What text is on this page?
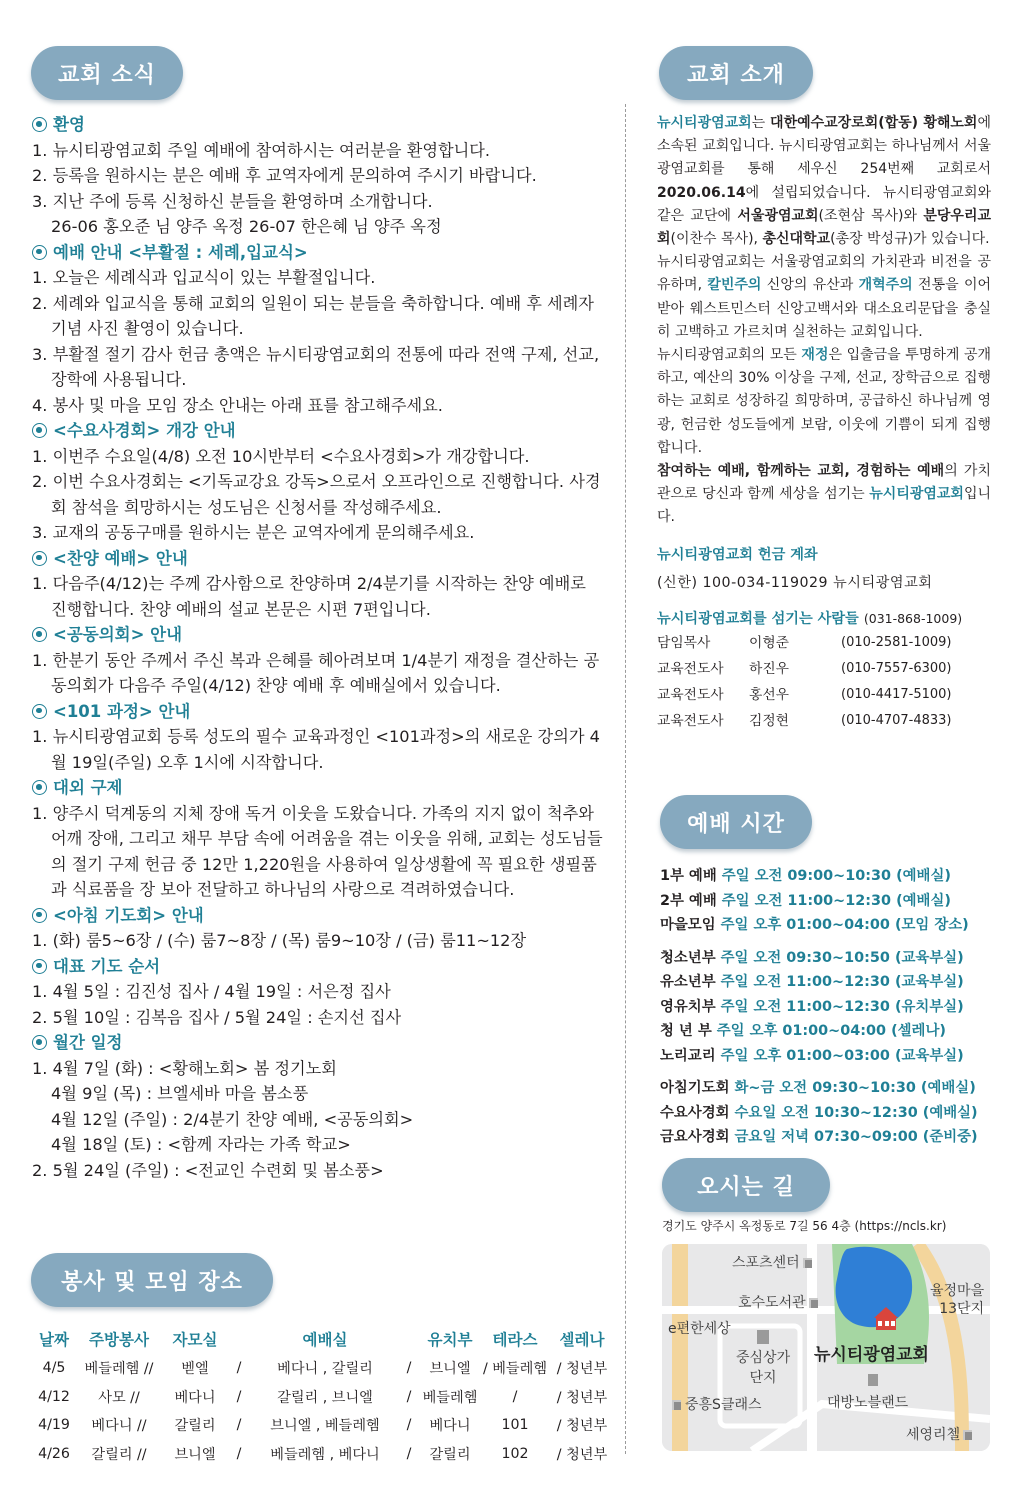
교회 소식	교회 소개
환영
1. 뉴시티광염교회 주일 예배에 참여하시는 여러분을 환영합니다.
2. 등록을 원하시는 분은 예배 후 교역자에게 문의하여 주시기 바랍니다.
3. 지난 주에 등록 신청하신 분들을 환영하며 소개합니다.
26-06 홍오준 님 양주 옥정 26-07 한은혜 님 양주 옥정
예배 안내 <부활절 : 세례,입교식>
1. 오늘은 세례식과 입교식이 있는 부활절입니다.
2. 세례와 입교식을 통해 교회의 일원이 되는 분들을 축하합니다. 예배 후 세례자 기념 사진 촬영이 있습니다.
3. 부활절 절기 감사 헌금 총액은 뉴시티광염교회의 전통에 따라 전액 구제, 선교, 장학에 사용됩니다.
4. 봉사 및 마을 모임 장소 안내는 아래 표를 참고해주세요.
<수요사경회> 개강 안내
1. 이번주 수요일(4/8) 오전 10시반부터 <수요사경회>가 개강합니다.
2. 이번 수요사경회는 <기독교강요 강독>으로서 오프라인으로 진행합니다. 사경회 참석을 희망하시는 성도님은 신청서를 작성해주세요.
3. 교재의 공동구매를 원하시는 분은 교역자에게 문의해주세요.
<찬양 예배> 안내
1. 다음주(4/12)는 주께 감사함으로 찬양하며 2/4분기를 시작하는 찬양 예배로 진행합니다. 찬양 예배의 설교 본문은 시편 7편입니다.
<공동의회> 안내
1. 한분기 동안 주께서 주신 복과 은혜를 헤아려보며 1/4분기 재정을 결산하는 공동의회가 다음주 주일(4/12) 찬양 예배 후 예배실에서 있습니다.
<101 과정> 안내
1. 뉴시티광염교회 등록 성도의 필수 교육과정인 <101과정>의 새로운 강의가 4월 19일(주일) 오후 1시에 시작합니다.
대외 구제
1. 양주시 덕계동의 지체 장애 독거 이웃을 도왔습니다. 가족의 지지 없이 척추와 어깨 장애, 그리고 채무 부담 속에 어려움을 겪는 이웃을 위해, 교회는 성도님들의 절기 구제 헌금 중 12만 1,220원을 사용하여 일상생활에 꼭 필요한 생필품과 식료품을 장 보아 전달하고 하나님의 사랑으로 격려하였습니다.
<아침 기도회> 안내
1. (화) 룸5~6장 / (수) 룸7~8장 / (목) 룸9~10장 / (금) 룸11~12장
대표 기도 순서
1. 4월 5일 : 김진성 집사 / 4월 19일 : 서은정 집사
2. 5월 10일 : 김복음 집사 / 5월 24일 : 손지선 집사
월간 일정
1. 4월 7일 (화) : <황해노회> 봄 정기노회
4월 9일 (목) : 브엘세바 마을 봄소풍
4월 12일 (주일) : 2/4분기 찬양 예배, <공동의회>
4월 18일 (토) : <함께 자라는 가족 학교>
2. 5월 24일 (주일) : <전교인 수련회 및 봄소풍>
봉사 및 모임 장소
날짜	주방봉사	자모실		예배실		유치부	테라스	셀레나
4/5	베들레헴 //	벧엘	/	베다니 , 갈릴리	/	브니엘	/ 베들레헴	/ 청년부
4/12	사모 //	베다니	/	갈릴리 , 브니엘	/	베들레헴	/	/ 청년부
4/19	베다니 //	갈릴리	/	브니엘 , 베들레헴	/	베다니	101	/ 청년부
4/26	갈릴리 //	브니엘	/	베들레헴 , 베다니	/	갈릴리	102	/ 청년부
뉴시티광염교회는 대한예수교장로회(합동) 황해노회에 소속된 교회입니다. 뉴시티광염교회는 하나님께서 서울광염교회를 통해 세우신 254번째 교회로서 2020.06.14에 설립되었습니다. 뉴시티광염교회와 같은 교단에 서울광염교회(조현삼 목사)와 분당우리교회(이찬수 목사), 총신대학교(총장 박성규)가 있습니다.
뉴시티광염교회는 서울광염교회의 가치관과 비전을 공유하며, 칼빈주의 신앙의 유산과 개혁주의 전통을 이어받아 웨스트민스터 신앙고백서와 대소요리문답을 충실히 고백하고 가르치며 실천하는 교회입니다.
뉴시티광염교회의 모든 재정은 입출금을 투명하게 공개하고, 예산의 30% 이상을 구제, 선교, 장학금으로 집행하는 교회로 성장하길 희망하며, 공급하신 하나님께 영광, 헌금한 성도들에게 보람, 이웃에 기쁨이 되게 집행합니다.
참여하는 예배, 함께하는 교회, 경험하는 예배의 가치관으로 당신과 함께 세상을 섬기는 뉴시티광염교회입니다.
뉴시티광염교회 헌금 계좌
(신한) 100-034-119029 뉴시티광염교회
뉴시티광염교회를 섬기는 사람들 (031-868-1009)
담임목사	이형준	(010-2581-1009)
교육전도사	하진우	(010-7557-6300)
교육전도사	홍선우	(010-4417-5100)
교육전도사	김정현	(010-4707-4833)
예배 시간
1부 예배 주일 오전 09:00~10:30 (예배실)
2부 예배 주일 오전 11:00~12:30 (예배실)
마을모임 주일 오후 01:00~04:00 (모임 장소)
청소년부 주일 오전 09:30~10:50 (교육부실)
유소년부 주일 오전 11:00~12:30 (교육부실)
영유치부 주일 오전 11:00~12:30 (유치부실)
청 년 부 주일 오후 01:00~04:00 (셀레나)
노리교리 주일 오후 01:00~03:00 (교육부실)
아침기도회 화~금 오전 09:30~10:30 (예배실)
수요사경회 수요일 오전 10:30~12:30 (예배실)
금요사경회 금요일 저녁 07:30~09:00 (준비중)
오시는 길
경기도 양주시 옥정동로 7길 56 4층 (https://ncls.kr)
스포츠센터
호수도서관
율정마을
13단지
e편한세상
중심상가
단지
뉴시티광염교회
중흥S클래스	대방노블랜드
세영리첼
